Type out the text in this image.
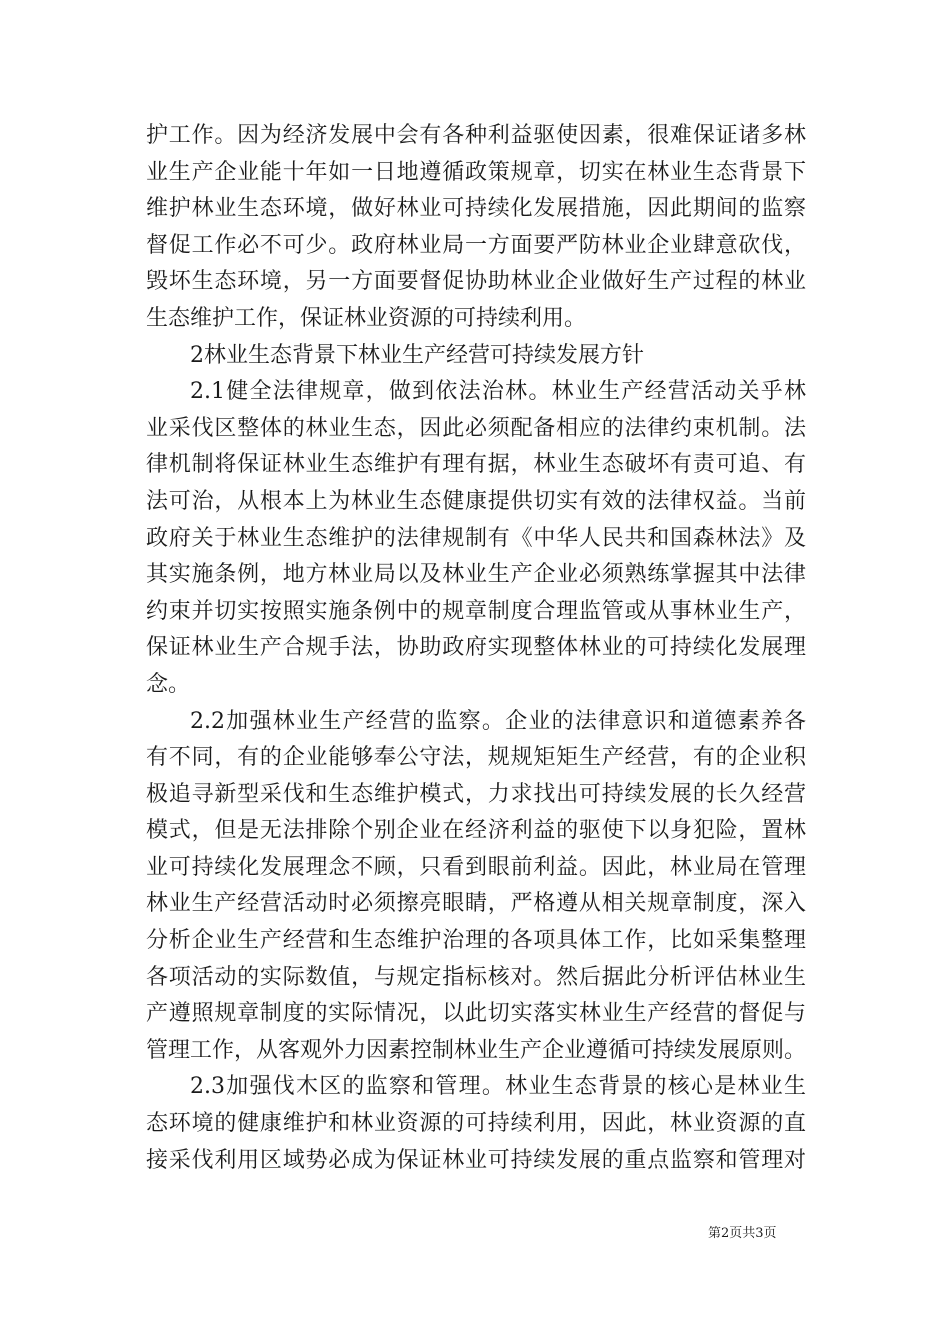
护工作。因为经济发展中会有各种利益驱使因素，很难保证诸多林
业生产企业能十年如一日地遵循政策规章，切实在林业生态背景下
维护林业生态环境，做好林业可持续化发展措施，因此期间的监察
督促工作必不可少。政府林业局一方面要严防林业企业肆意砍伐，
毁坏生态环境，另一方面要督促协助林业企业做好生产过程的林业
生态维护工作，保证林业资源的可持续利用。
2林业生态背景下林业生产经营可持续发展方针
2.1健全法律规章，做到依法治林。林业生产经营活动关乎林
业采伐区整体的林业生态，因此必须配备相应的法律约束机制。法
律机制将保证林业生态维护有理有据，林业生态破坏有责可追、有
法可治，从根本上为林业生态健康提供切实有效的法律权益。当前
政府关于林业生态维护的法律规制有《中华人民共和国森林法》及
其实施条例，地方林业局以及林业生产企业必须熟练掌握其中法律
约束并切实按照实施条例中的规章制度合理监管或从事林业生产，
保证林业生产合规手法，协助政府实现整体林业的可持续化发展理
念。
2.2加强林业生产经营的监察。企业的法律意识和道德素养各
有不同，有的企业能够奉公守法，规规矩矩生产经营，有的企业积
极追寻新型采伐和生态维护模式，力求找出可持续发展的长久经营
模式，但是无法排除个别企业在经济利益的驱使下以身犯险，置林
业可持续化发展理念不顾，只看到眼前利益。因此，林业局在管理
林业生产经营活动时必须擦亮眼睛，严格遵从相关规章制度，深入
分析企业生产经营和生态维护治理的各项具体工作，比如采集整理
各项活动的实际数值，与规定指标核对。然后据此分析评估林业生
产遵照规章制度的实际情况，以此切实落实林业生产经营的督促与
管理工作，从客观外力因素控制林业生产企业遵循可持续发展原则。
2.3加强伐木区的监察和管理。林业生态背景的核心是林业生
态环境的健康维护和林业资源的可持续利用，因此，林业资源的直
接采伐利用区域势必成为保证林业可持续发展的重点监察和管理对
第2页共3页
